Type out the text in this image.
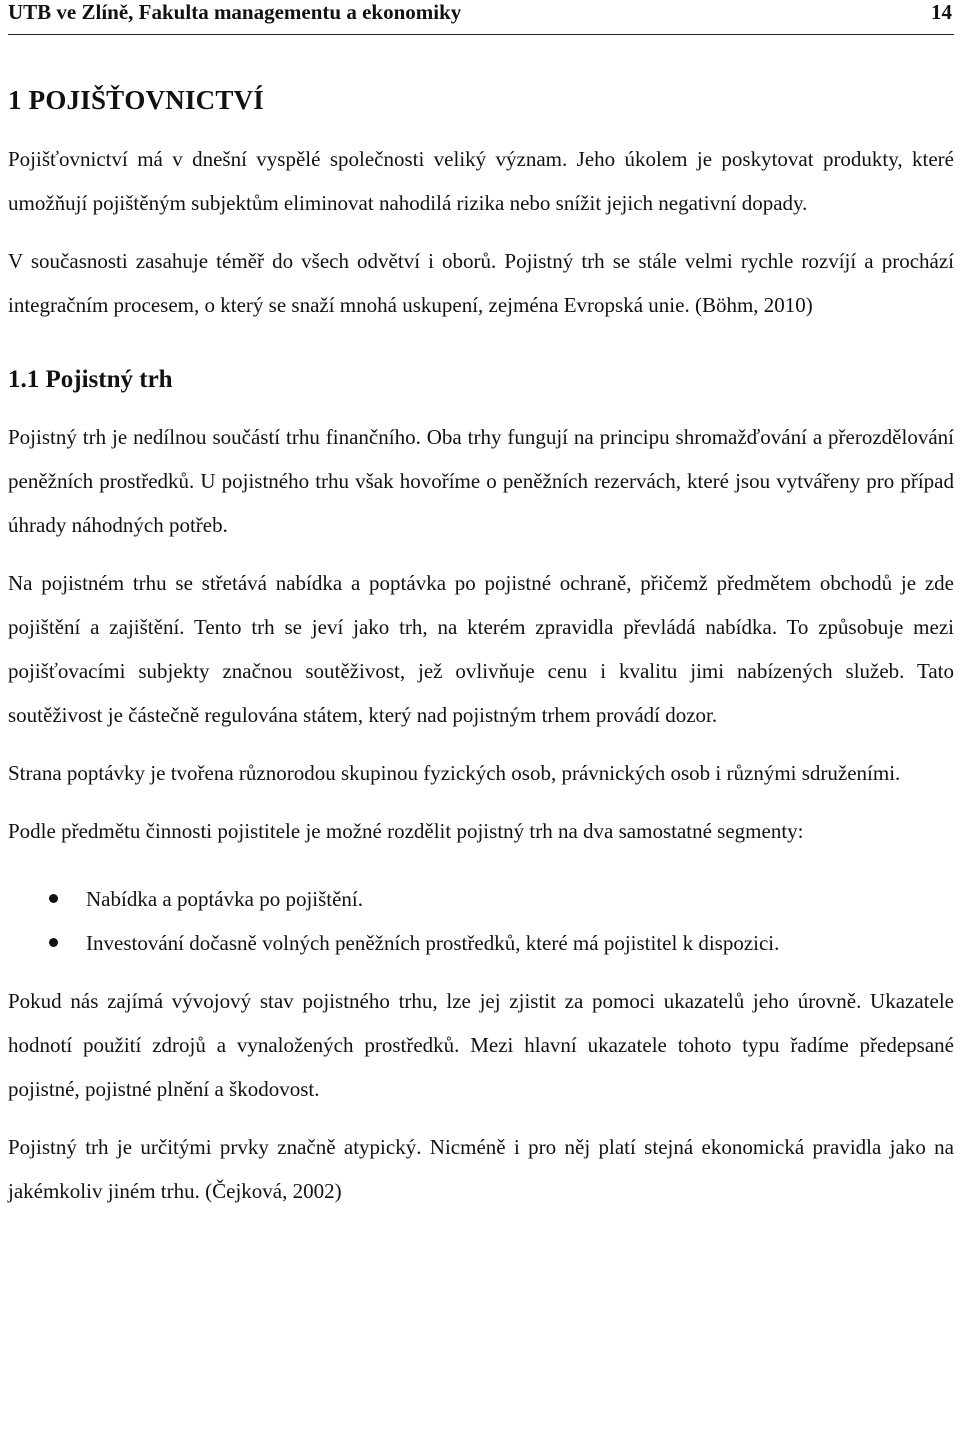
UTB ve Zlíně, Fakulta managementu a ekonomiky	14
1 POJIŠŤOVNICTVÍ

Pojišťovnictví má v dnešní vyspělé společnosti veliký význam. Jeho úkolem je poskytovat produkty, které umožňují pojištěným subjektům eliminovat nahodilá rizika nebo snížit jejich negativní dopady.

V současnosti zasahuje téměř do všech odvětví i oborů. Pojistný trh se stále velmi rychle rozvíjí a prochází integračním procesem, o který se snaží mnohá uskupení, zejména Evropská unie. (Böhm, 2010)

1.1 Pojistný trh

Pojistný trh je nedílnou součástí trhu finančního. Oba trhy fungují na principu shromažďování a přerozdělování peněžních prostředků. U pojistného trhu však hovoříme o peněžních rezervách, které jsou vytvářeny pro případ úhrady náhodných potřeb.

Na pojistném trhu se střetává nabídka a poptávka po pojistné ochraně, přičemž předmětem obchodů je zde pojištění a zajištění. Tento trh se jeví jako trh, na kterém zpravidla převládá nabídka. To způsobuje mezi pojišťovacími subjekty značnou soutěživost, jež ovlivňuje cenu i kvalitu jimi nabízených služeb. Tato soutěživost je částečně regulována státem, který nad pojistným trhem provádí dozor.

Strana poptávky je tvořena různorodou skupinou fyzických osob, právnických osob i různými sdruženími.

Podle předmětu činnosti pojistitele je možné rozdělit pojistný trh na dva samostatné segmenty:

Nabídka a poptávka po pojištění.
Investování dočasně volných peněžních prostředků, které má pojistitel k dispozici.

Pokud nás zajímá vývojový stav pojistného trhu, lze jej zjistit za pomoci ukazatelů jeho úrovně. Ukazatele hodnotí použití zdrojů a vynaložených prostředků. Mezi hlavní ukazatele tohoto typu řadíme předepsané pojistné, pojistné plnění a škodovost.

Pojistný trh je určitými prvky značně atypický. Nicméně i pro něj platí stejná ekonomická pravidla jako na jakémkoliv jiném trhu. (Čejková, 2002)
